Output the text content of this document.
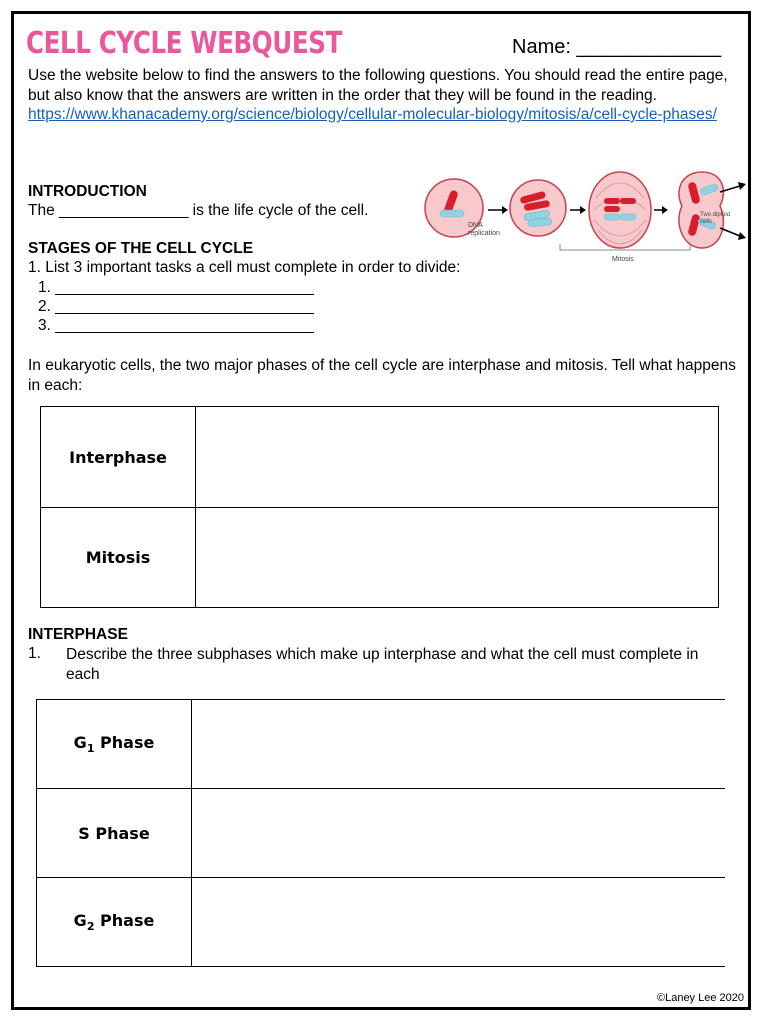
CELL CYCLE WEBQUEST	Name: _____________
Use the website below to find the answers to the following questions. You should read the entire page, but also know that the answers are written in the order that they will be found in the reading.
https://www.khanacademy.org/science/biology/cellular-molecular-biology/mitosis/a/cell-cycle-phases/
INTRODUCTION
The _______________ is the life cycle of the cell.
DNA
replication
Two diploid
cells
Mitosis
STAGES OF THE CELL CYCLE
1. List 3 important tasks a cell must complete in order to divide:
1. ______________________________
2. ______________________________
3. ______________________________
In eukaryotic cells, the two major phases of the cell cycle are interphase and mitosis. Tell what happens in each:
Interphase	
Mitosis	
INTERPHASE
1. Describe the three subphases which make up interphase and what the cell must complete in each
$G_1$ Phase	
S Phase	
$G_2$ Phase	
©Laney Lee 2020
